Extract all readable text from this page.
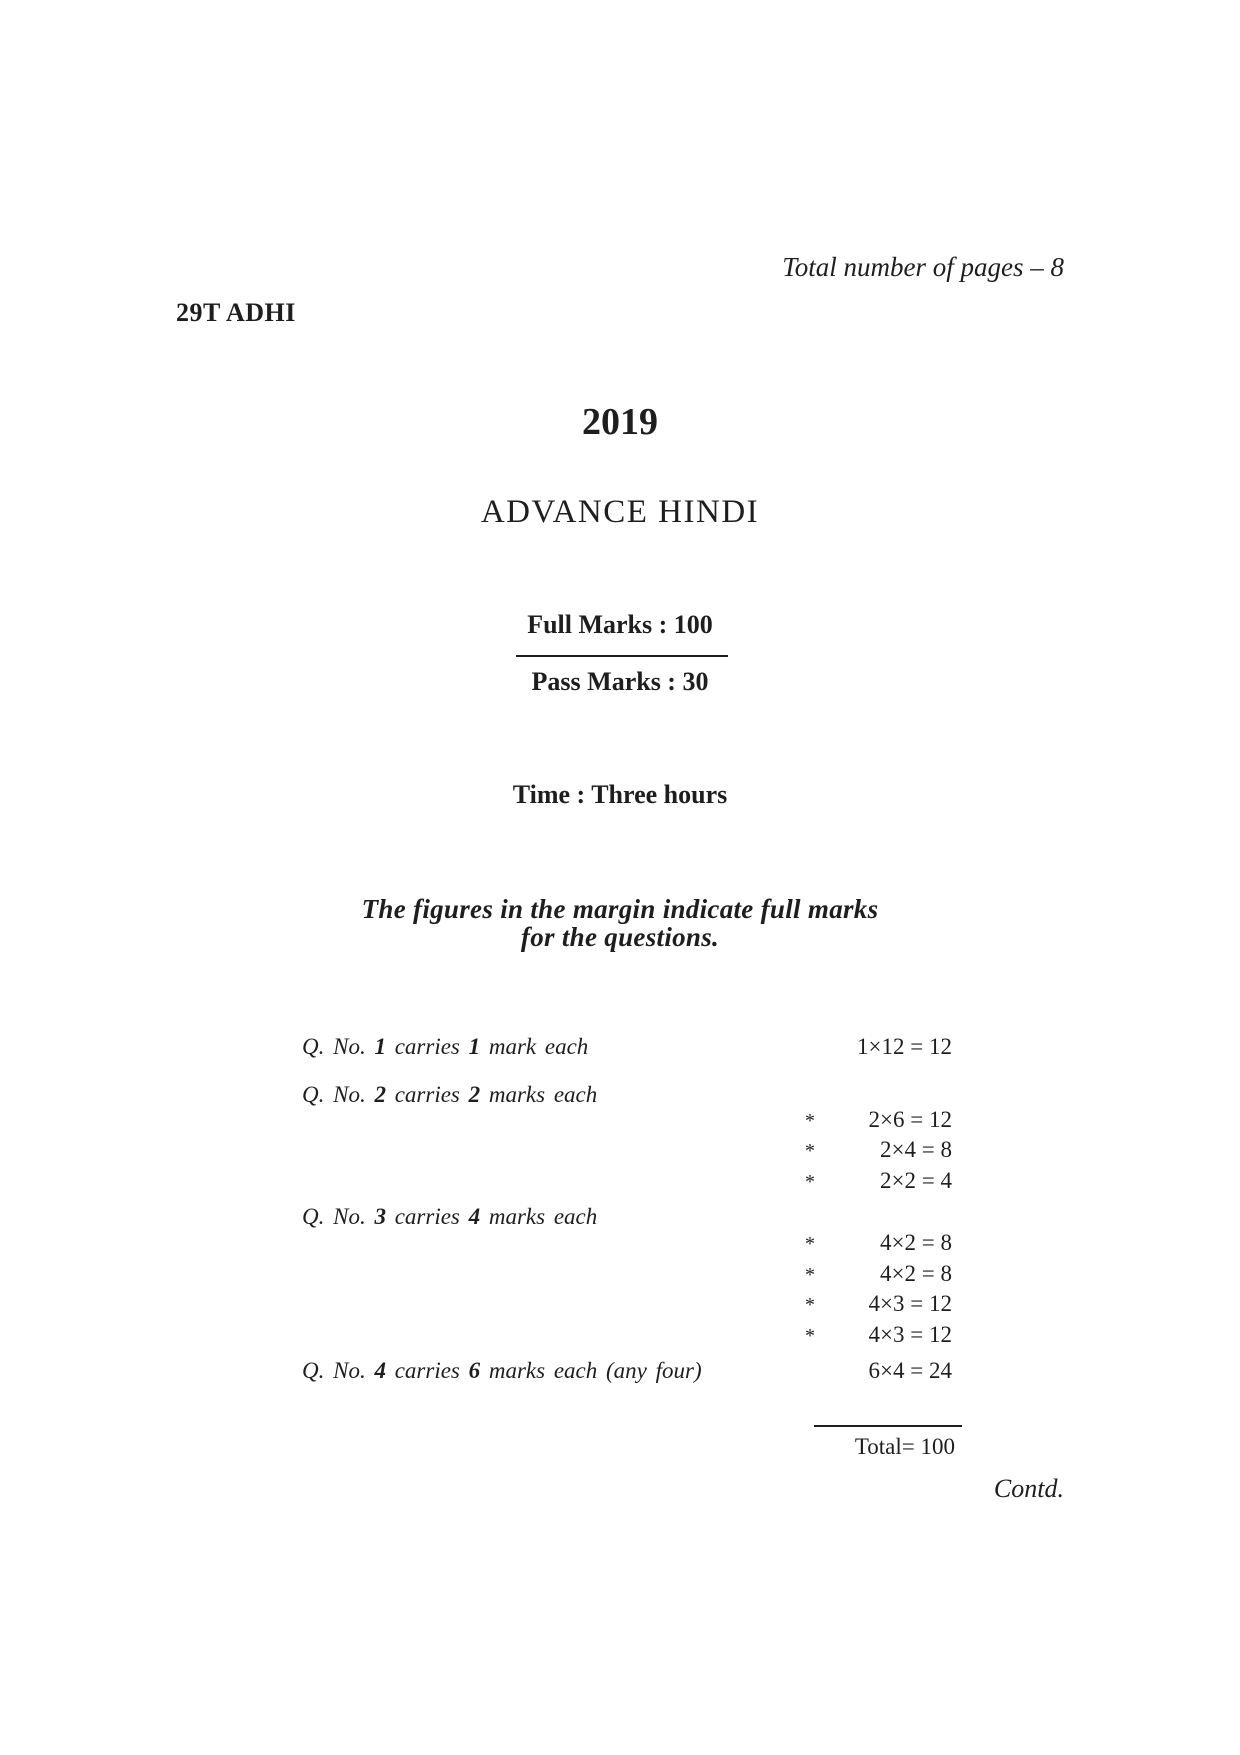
Total number of pages – 8
29T ADHI
2019
ADVANCE HINDI
Full Marks : 100
Pass Marks : 30
Time : Three hours
The figures in the margin indicate full marks
for the questions.
Q. No. 1 carries 1 mark each	1×12 = 12
Q. No. 2 carries 2 marks each
* 2×6 = 12
*	2×4 = 8
*	2×2 = 4
Q. No. 3 carries 4 marks each
*	4×2 = 8
*	4×2 = 8
* 4×3 = 12
* 4×3 = 12
Q. No. 4 carries 6 marks each (any four)	6×4 = 24
Total= 100
Contd.
